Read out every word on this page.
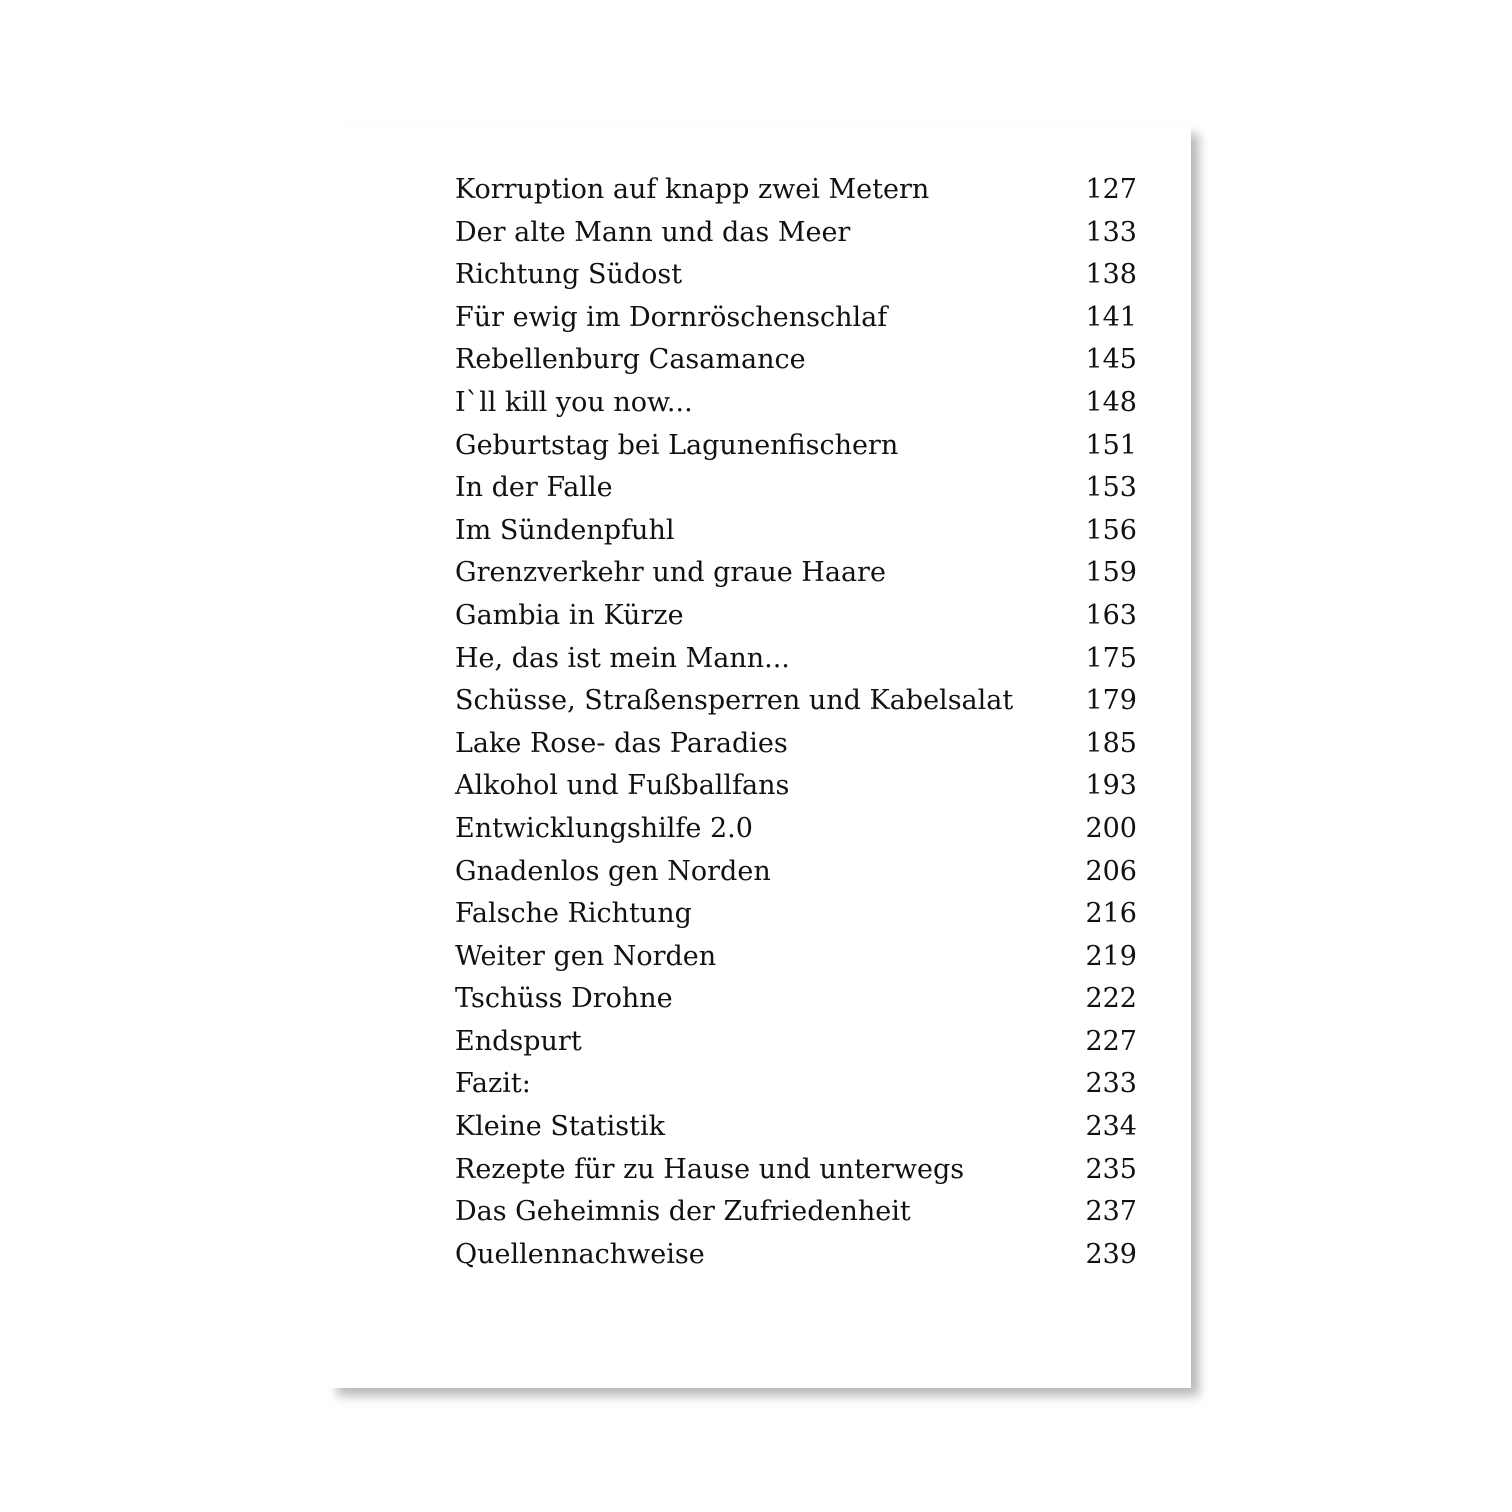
Korruption auf knapp zwei Metern	127
Der alte Mann und das Meer	133
Richtung Südost	138
Für ewig im Dornröschenschlaf	141
Rebellenburg Casamance	145
I`ll kill you now...	148
Geburtstag bei Lagunenfischern	151
In der Falle	153
Im Sündenpfuhl	156
Grenzverkehr und graue Haare	159
Gambia in Kürze	163
He, das ist mein Mann...	175
Schüsse, Straßensperren und Kabelsalat	179
Lake Rose- das Paradies	185
Alkohol und Fußballfans	193
Entwicklungshilfe 2.0	200
Gnadenlos gen Norden	206
Falsche Richtung	216
Weiter gen Norden	219
Tschüss Drohne	222
Endspurt	227
Fazit:	233
Kleine Statistik	234
Rezepte für zu Hause und unterwegs	235
Das Geheimnis der Zufriedenheit	237
Quellennachweise	239
